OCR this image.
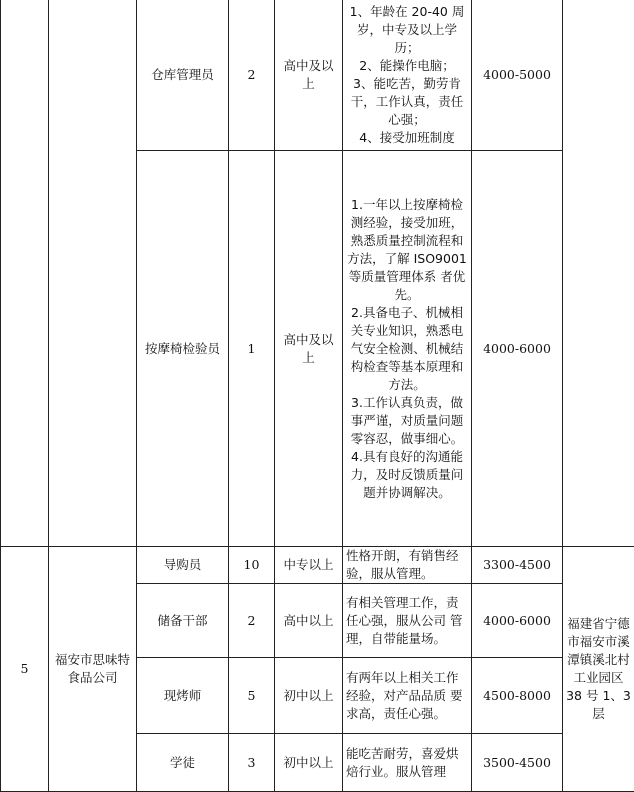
		仓库管理员	2	高中及以上	1、年龄在 20-40 周岁，中专及以上学 历；
2、能操作电脑；
3、能吃苦，勤劳肯干，工作认真，责任心强；
4、接受加班制度	4000-5000	
		按摩椅检验员	1	高中及以上	1.一年以上按摩椅检测经验，接受加班，熟悉质量控制流程和方法，了解 ISO9001 等质量管理体系 者优先。
2.具备电子、机械相关专业知识，熟悉电气安全检测、机械结构检查等基本原理和方法。
3.工作认真负责，做事严谨，对质量问题零容忍，做事细心。
4.具有良好的沟通能力，及时反馈质量问题并协调解决。	4000-6000	
5	福安市思味特食品公司	导购员	10	中专以上	性格开朗，有销售经验，服从管理。	3300-4500	福建省宁德市福安市溪潭镇溪北村工业园区 38 号 1、3 层
		储备干部	2	高中以上	有相关管理工作，责任心强，服从公司 管理，自带能量场。	4000-6000	
		现烤师	5	初中以上	有两年以上相关工作经验，对产品品质 要求高，责任心强。	4500-8000	
		学徒	3	初中以上	能吃苦耐劳，喜爱烘焙行业。服从管理	3500-4500	
